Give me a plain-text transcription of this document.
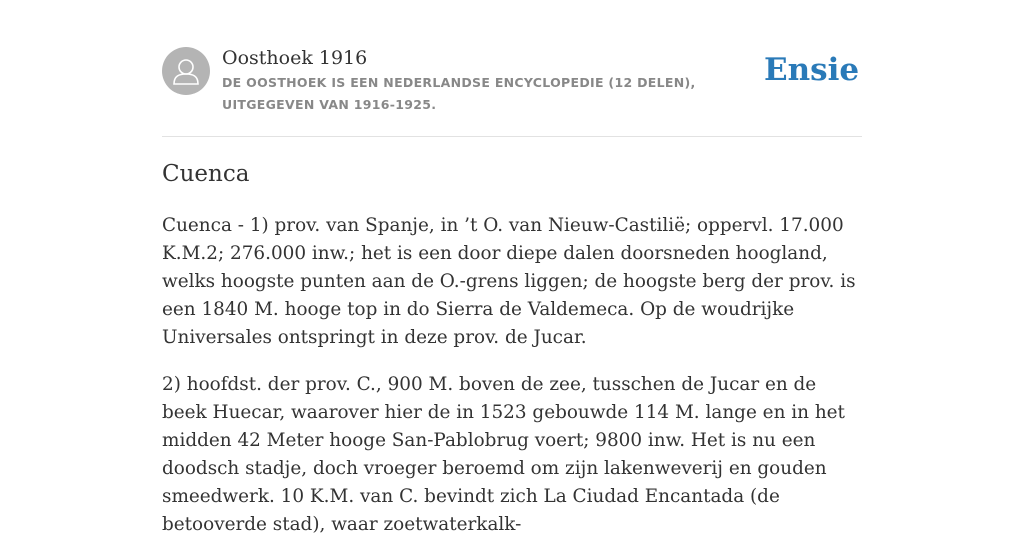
Oosthoek 1916
DE OOSTHOEK IS EEN NEDERLANDSE ENCYCLOPEDIE (12 DELEN), UITGEGEVEN VAN 1916-1925.
Ensie
Cuenca

Cuenca - 1) prov. van Spanje, in ’t O. van Nieuw-Castilië; oppervl. 17.000 K.M.2; 276.000 inw.; het is een door diepe dalen doorsneden hoogland, welks hoogste punten aan de O.-grens liggen; de hoogste berg der prov. is een 1840 M. hooge top in do Sierra de Valdemeca. Op de woudrijke Universales ontspringt in deze prov. de Jucar.

2) hoofdst. der prov. C., 900 M. boven de zee, tusschen de Jucar en de beek Huecar, waarover hier de in 1523 gebouwde 114 M. lange en in het midden 42 Meter hooge San-Pablobrug voert; 9800 inw. Het is nu een doodsch stadje, doch vroeger beroemd om zijn lakenweverij en gouden smeedwerk. 10 K.M. van C. bevindt zich La Ciudad Encantada (de betooverde stad), waar zoetwaterkalk-
